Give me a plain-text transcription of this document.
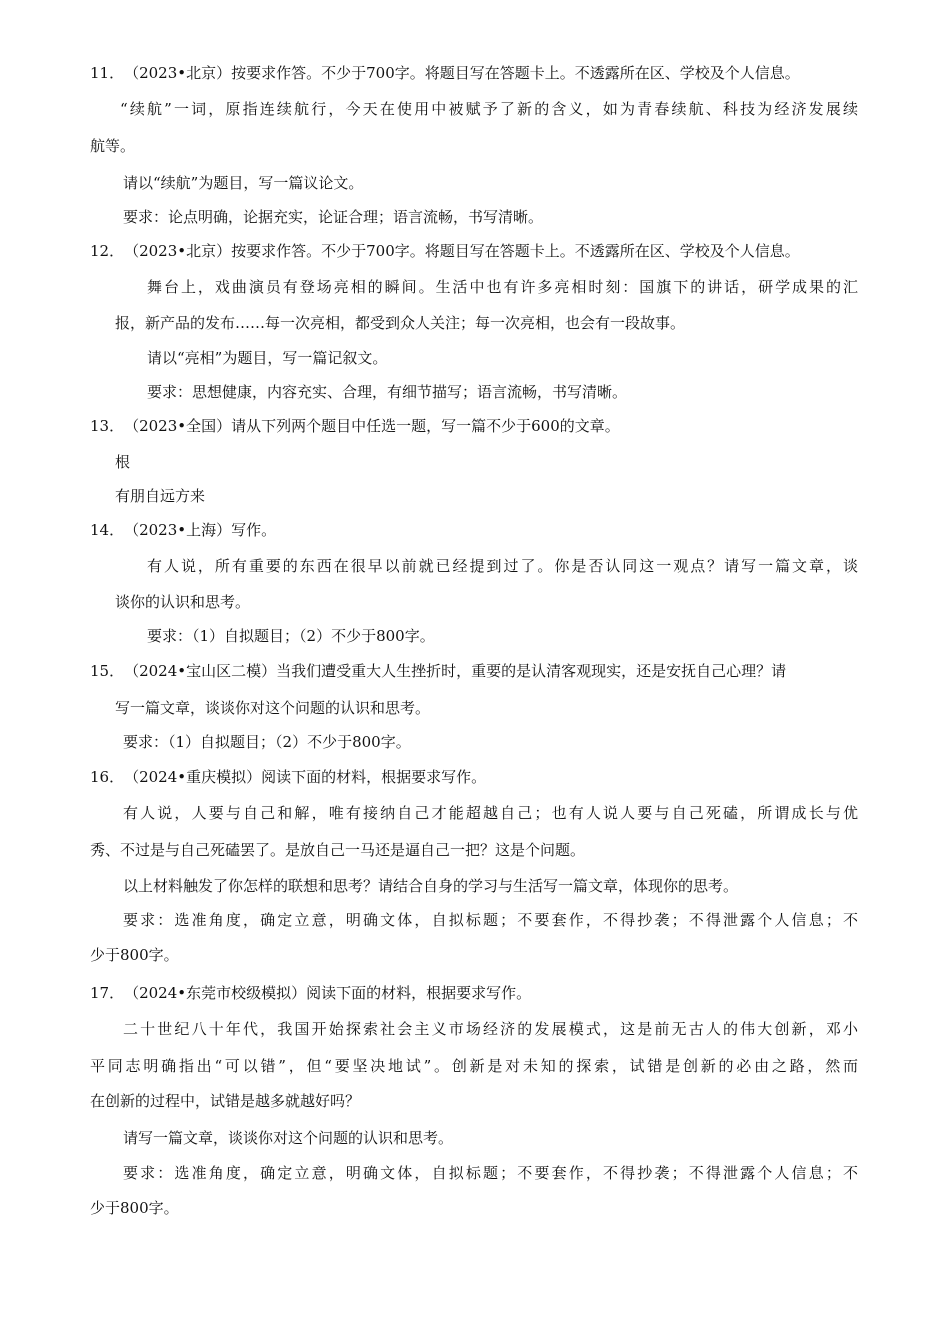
11．（2023•北京）按要求作答。不少于700字。将题目写在答题卡上。不透露所在区、学校及个人信息。
“续航”一词，原指连续航行，今天在使用中被赋予了新的含义，如为青春续航、科技为经济发展续
航等。
请以“续航”为题目，写一篇议论文。
要求：论点明确，论据充实，论证合理；语言流畅，书写清晰。
12．（2023•北京）按要求作答。不少于700字。将题目写在答题卡上。不透露所在区、学校及个人信息。
舞台上，戏曲演员有登场亮相的瞬间。生活中也有许多亮相时刻：国旗下的讲话，研学成果的汇
报，新产品的发布……每一次亮相，都受到众人关注；每一次亮相，也会有一段故事。
请以“亮相”为题目，写一篇记叙文。
要求：思想健康，内容充实、合理，有细节描写；语言流畅，书写清晰。
13．（2023•全国）请从下列两个题目中任选一题，写一篇不少于600的文章。
根
有朋自远方来
14．（2023•上海）写作。
有人说，所有重要的东西在很早以前就已经提到过了。你是否认同这一观点？请写一篇文章，谈
谈你的认识和思考。
要求：（1）自拟题目；（2）不少于800字。
15．（2024•宝山区二模）当我们遭受重大人生挫折时，重要的是认清客观现实，还是安抚自己心理？请
写一篇文章，谈谈你对这个问题的认识和思考。
要求：（1）自拟题目；（2）不少于800字。
16．（2024•重庆模拟）阅读下面的材料，根据要求写作。
有人说，人要与自己和解，唯有接纳自己才能超越自己；也有人说人要与自己死磕，所谓成长与优
秀、不过是与自己死磕罢了。是放自己一马还是逼自己一把？这是个问题。
以上材料触发了你怎样的联想和思考？请结合自身的学习与生活写一篇文章，体现你的思考。
要求：选准角度，确定立意，明确文体，自拟标题；不要套作，不得抄袭；不得泄露个人信息；不
少于800字。
17．（2024•东莞市校级模拟）阅读下面的材料，根据要求写作。
二十世纪八十年代，我国开始探索社会主义市场经济的发展模式，这是前无古人的伟大创新，邓小
平同志明确指出“可以错”，但“要坚决地试”。创新是对未知的探索，试错是创新的必由之路，然而
在创新的过程中，试错是越多就越好吗？
请写一篇文章，谈谈你对这个问题的认识和思考。
要求：选准角度，确定立意，明确文体，自拟标题；不要套作，不得抄袭；不得泄露个人信息；不
少于800字。
